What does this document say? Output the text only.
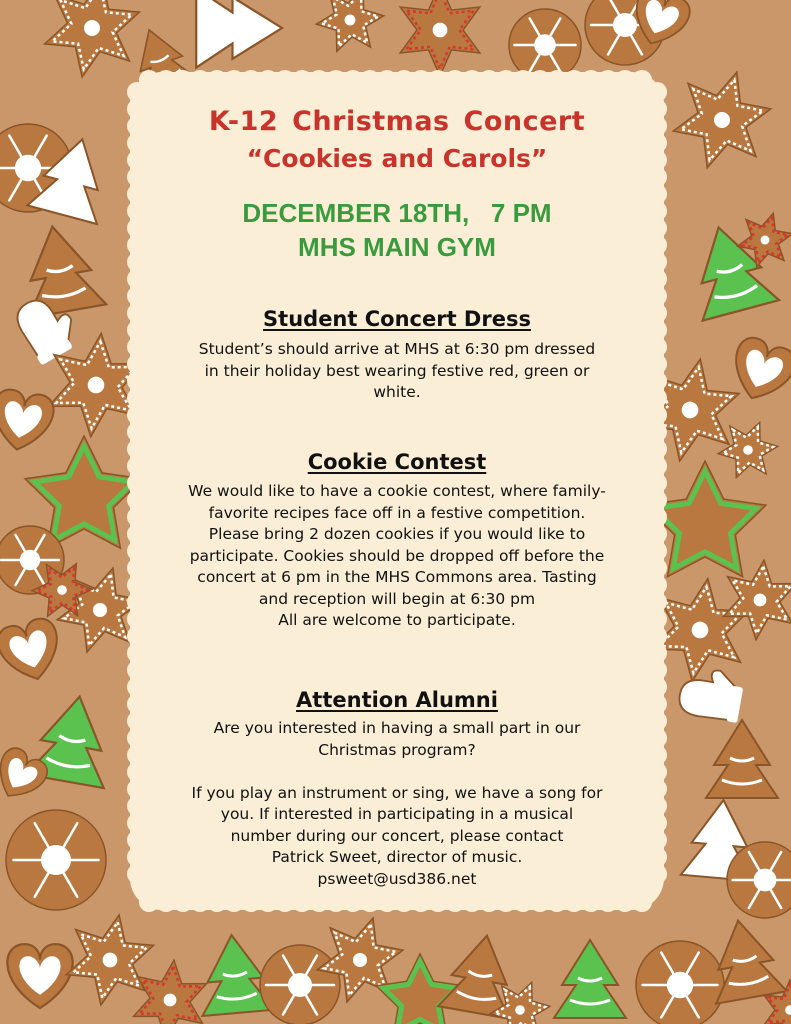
K-12 Christmas Concert
“Cookies and Carols”
DECEMBER 18TH,   7 PM
MHS MAIN GYM
Student Concert Dress
Student’s should arrive at MHS at 6:30 pm dressed
in their holiday best wearing festive red, green or
white.
Cookie Contest
We would like to have a cookie contest, where family-
favorite recipes face off in a festive competition.
Please bring 2 dozen cookies if you would like to
participate. Cookies should be dropped off before the
concert at 6 pm in the MHS Commons area. Tasting
and reception will begin at 6:30 pm
All are welcome to participate.
Attention Alumni
Are you interested in having a small part in our
Christmas program?
If you play an instrument or sing, we have a song for
you. If interested in participating in a musical
number during our concert, please contact
Patrick Sweet, director of music.
psweet@usd386.net
